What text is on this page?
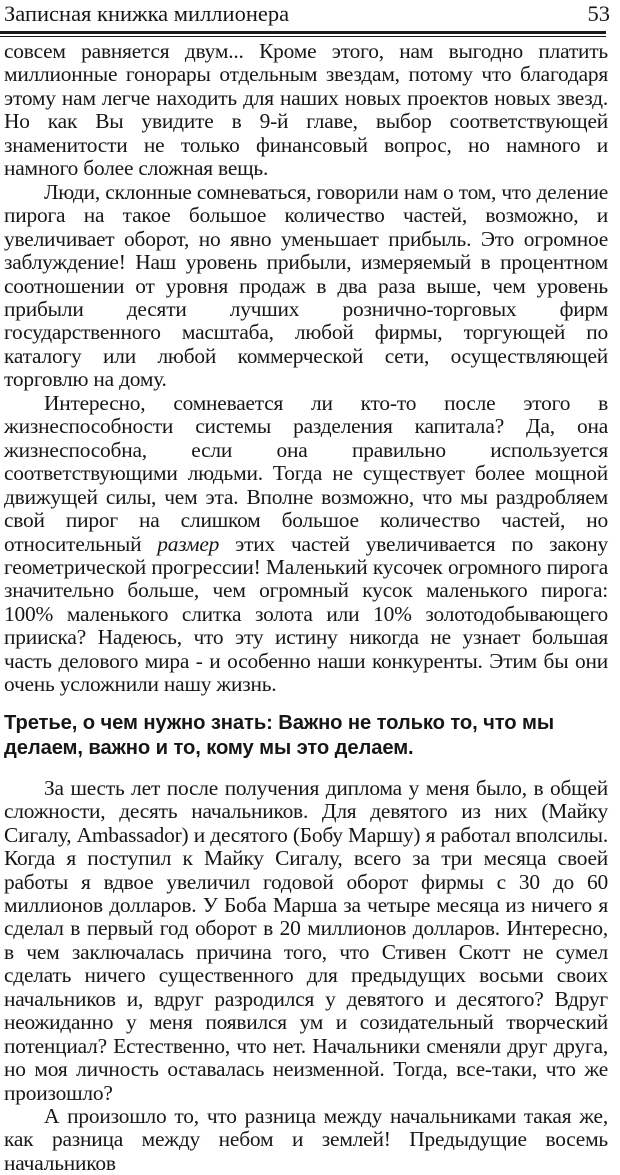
Записная книжка миллионера	53

совсем равняется двум... Кроме этого, нам выгодно платить миллионные гонорары отдельным звездам, потому что благодаря этому нам легче находить для наших новых проектов новых звезд. Но как Вы увидите в 9-й главе, выбор соответствующей знаменитости не только финансовый вопрос, но намного и намного более сложная вещь.

Люди, склонные сомневаться, говорили нам о том, что деление пирога на такое большое количество частей, возможно, и увеличивает оборот, но явно уменьшает прибыль. Это огромное заблуждение! Наш уровень прибыли, измеряемый в процентном соотношении от уровня продаж в два раза выше, чем уровень прибыли десяти лучших рознично-торговых фирм государственного масштаба, любой фирмы, торгующей по каталогу или любой коммерческой сети, осуществляющей торговлю на дому.

Интересно, сомневается ли кто-то после этого в жизнеспособности системы разделения капитала? Да, она жизнеспособна, если она правильно используется соответствующими людьми. Тогда не существует более мощной движущей силы, чем эта. Вполне возможно, что мы раздробляем свой пирог на слишком большое количество частей, но относительный размер этих частей увеличивается по закону геометрической прогрессии! Маленький кусочек огромного пирога значительно больше, чем огромный кусок маленького пирога: 100% маленького слитка золота или 10% золотодобывающего прииска? Надеюсь, что эту истину никогда не узнает большая часть делового мира - и особенно наши конкуренты. Этим бы они очень усложнили нашу жизнь.

Третье, о чем нужно знать: Важно не только то, что мы делаем, важно и то, кому мы это делаем.

За шесть лет после получения диплома у меня было, в общей сложности, десять начальников. Для девятого из них (Майку Сигалу, Ambassador) и десятого (Бобу Маршу) я работал вполсилы. Когда я поступил к Майку Сигалу, всего за три месяца своей работы я вдвое увеличил годовой оборот фирмы с 30 до 60 миллионов долларов. У Боба Марша за четыре месяца из ничего я сделал в первый год оборот в 20 миллионов долларов. Интересно, в чем заключалась причина того, что Стивен Скотт не сумел сделать ничего существенного для предыдущих восьми своих начальников и, вдруг разродился у девятого и десятого? Вдруг неожиданно у меня появился ум и созидательный творческий потенциал? Естественно, что нет. Начальники сменяли друг друга, но моя личность оставалась неизменной. Тогда, все-таки, что же произошло?

А произошло то, что разница между начальниками такая же, как разница между небом и землей! Предыдущие восемь начальников
